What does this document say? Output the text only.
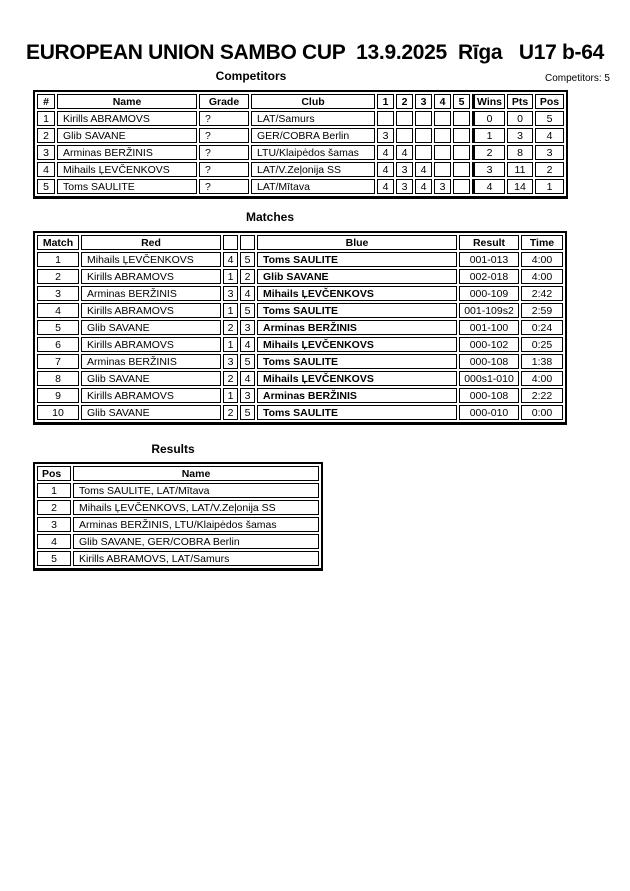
EUROPEAN UNION SAMBO CUP  13.9.2025  Rīga   U17 b-64
Competitors	Competitors: 5
#	Name	Grade	Club	1	2	3	4	5	Wins	Pts	Pos
1	Kirills ABRAMOVS	?	LAT/Samurs						0	0	5
2	Glib SAVANE	?	GER/COBRA Berlin	3					1	3	4
3	Arminas BERŽINIS	?	LTU/Klaipėdos šamas	4	4				2	8	3
4	Mihails ĻEVČENKOVS	?	LAT/V.Zeļonija SS	4	3	4			3	11	2
5	Toms SAULITE	?	LAT/Mītava	4	3	4	3		4	14	1
Matches
Match	Red			Blue	Result	Time
1	Mihails ĻEVČENKOVS	4	5	Toms SAULITE	001-013	4:00
2	Kirills ABRAMOVS	1	2	Glib SAVANE	002-018	4:00
3	Arminas BERŽINIS	3	4	Mihails ĻEVČENKOVS	000-109	2:42
4	Kirills ABRAMOVS	1	5	Toms SAULITE	001-109s2	2:59
5	Glib SAVANE	2	3	Arminas BERŽINIS	001-100	0:24
6	Kirills ABRAMOVS	1	4	Mihails ĻEVČENKOVS	000-102	0:25
7	Arminas BERŽINIS	3	5	Toms SAULITE	000-108	1:38
8	Glib SAVANE	2	4	Mihails ĻEVČENKOVS	000s1-010	4:00
9	Kirills ABRAMOVS	1	3	Arminas BERŽINIS	000-108	2:22
10	Glib SAVANE	2	5	Toms SAULITE	000-010	0:00
Results
Pos	Name
1	Toms SAULITE, LAT/Mītava
2	Mihails ĻEVČENKOVS, LAT/V.Zeļonija SS
3	Arminas BERŽINIS, LTU/Klaipėdos šamas
4	Glib SAVANE, GER/COBRA Berlin
5	Kirills ABRAMOVS, LAT/Samurs
